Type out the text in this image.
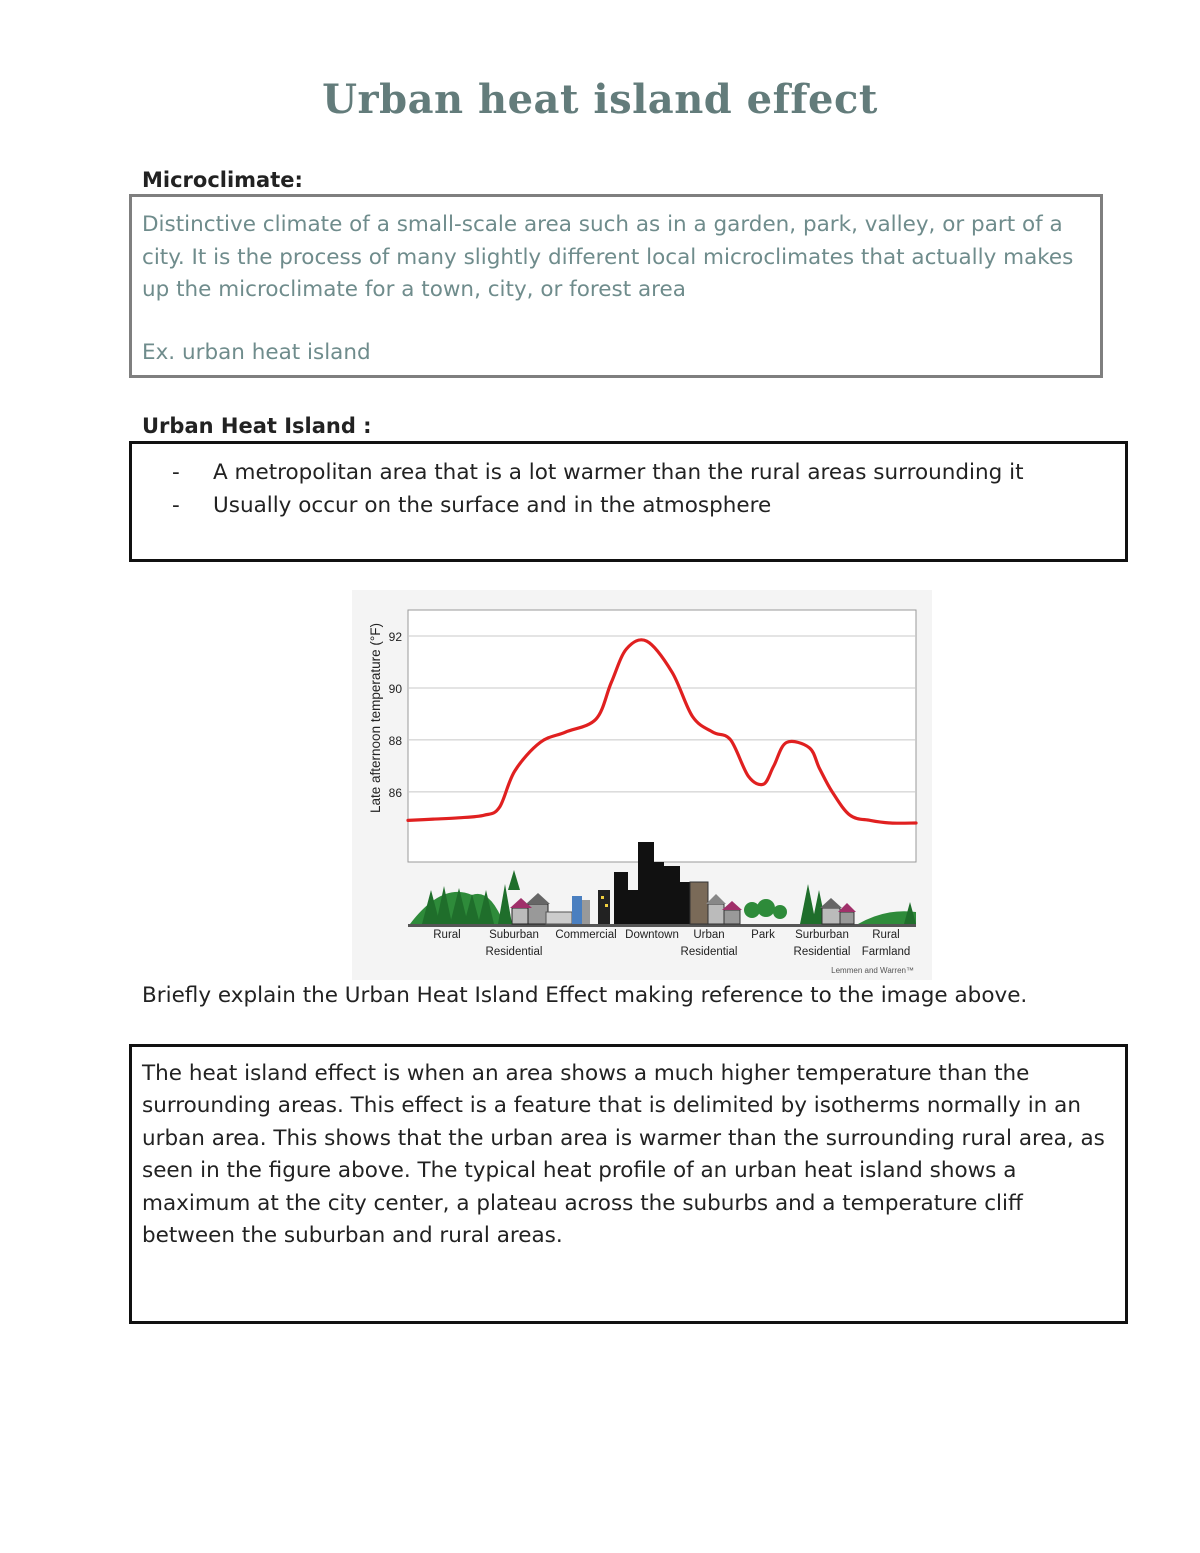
Urban heat island effect
Microclimate:

Distinctive climate of a small-scale area such as in a garden, park, valley, or part of a city. It is the process of many slightly different local microclimates that actually makes up the microclimate for a town, city, or forest area

Ex. urban heat island

Urban Heat Island :
- A metropolitan area that is a lot warmer than the rural areas surrounding it
- Usually occur on the surface and in the atmosphere
86
88
90
92
Late afternoon temperature (°F)
Rural Suburban
Residential
Commercial Downtown Urban
Residential
Park Surburban
Residential
Rural
Farmland
Lemmen and Warren™
Briefly explain the Urban Heat Island Effect making reference to the image above.

The heat island effect is when an area shows a much higher temperature than the surrounding areas. This effect is a feature that is delimited by isotherms normally in an urban area. This shows that the urban area is warmer than the surrounding rural area, as seen in the figure above. The typical heat profile of an urban heat island shows a maximum at the city center, a plateau across the suburbs and a temperature cliff between the suburban and rural areas.
